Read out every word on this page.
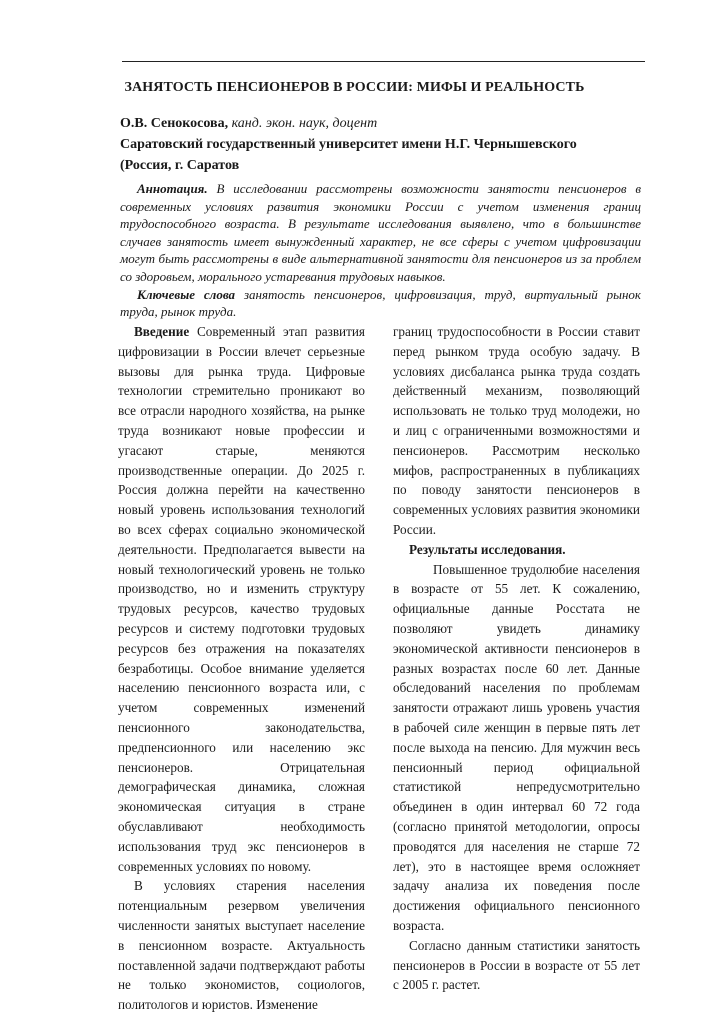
ЗАНЯТОСТЬ ПЕНСИОНЕРОВ В РОССИИ: МИФЫ И РЕАЛЬНОСТЬ
О.В. Сенокосова, канд. экон. наук, доцент
Саратовский государственный университет имени Н.Г. Чернышевского
(Россия, г. Саратов

Аннотация. В исследовании рассмотрены возможности занятости пенсионеров в современных условиях развития экономики России с учетом изменения границ трудоспособного возраста. В результате исследования выявлено, что в большинстве случаев занятость имеет вынужденный характер, не все сферы с учетом цифровизации могут быть рассмотрены в виде альтернативной занятости для пенсионеров из за проблем со здоровьем, морального устаревания трудовых навыков.

Ключевые слова занятость пенсионеров, цифровизация, труд, виртуальный рынок труда, рынок труда.

Введение Современный этап развития цифровизации в России влечет серьезные вызовы для рынка труда. Цифровые технологии стремительно проникают во все отрасли народного хозяйства, на рынке труда возникают новые профессии и угасают старые, меняются производственные операции. До 2025 г. Россия должна перейти на качественно новый уровень использования технологий во всех сферах социально экономической деятельности. Предполагается вывести на новый технологический уровень не только производство, но и изменить структуру трудовых ресурсов, качество трудовых ресурсов и систему подготовки трудовых ресурсов без отражения на показателях безработицы. Особое внимание уделяется населению пенсионного возраста или, с учетом современных изменений пенсионного законодательства, предпенсионного или населению экс пенсионеров. Отрицательная демографическая динамика, сложная экономическая ситуация в стране обуславливают необходимость использования труд экс пенсионеров в современных условиях по новому.

В условиях старения населения потенциальным резервом увеличения численности занятых выступает население в пенсионном возрасте. Актуальность поставленной задачи подтверждают работы не только экономистов, социологов, политологов и юристов. Изменение

границ трудоспособности в России ставит перед рынком труда особую задачу. В условиях дисбаланса рынка труда создать действенный механизм, позволяющий использовать не только труд молодежи, но и лиц с ограниченными возможностями и пенсионеров. Рассмотрим несколько мифов, распространенных в публикациях по поводу занятости пенсионеров в современных условиях развития экономики России.

Результаты исследования.

Повышенное трудолюбие населения в возрасте от 55 лет. К сожалению, официальные данные Росстата не позволяют увидеть динамику экономической активности пенсионеров в разных возрастах после 60 лет. Данные обследований населения по проблемам занятости отражают лишь уровень участия в рабочей силе женщин в первые пять лет после выхода на пенсию. Для мужчин весь пенсионный период официальной статистикой непредусмотрительно объединен в один интервал 60 72 года (согласно принятой методологии, опросы проводятся для населения не старше 72 лет), это в настоящее время осложняет задачу анализа их поведения после достижения официального пенсионного возраста.

Согласно данным статистики занятость пенсионеров в России в возрасте от 55 лет с 2005 г. растет.
